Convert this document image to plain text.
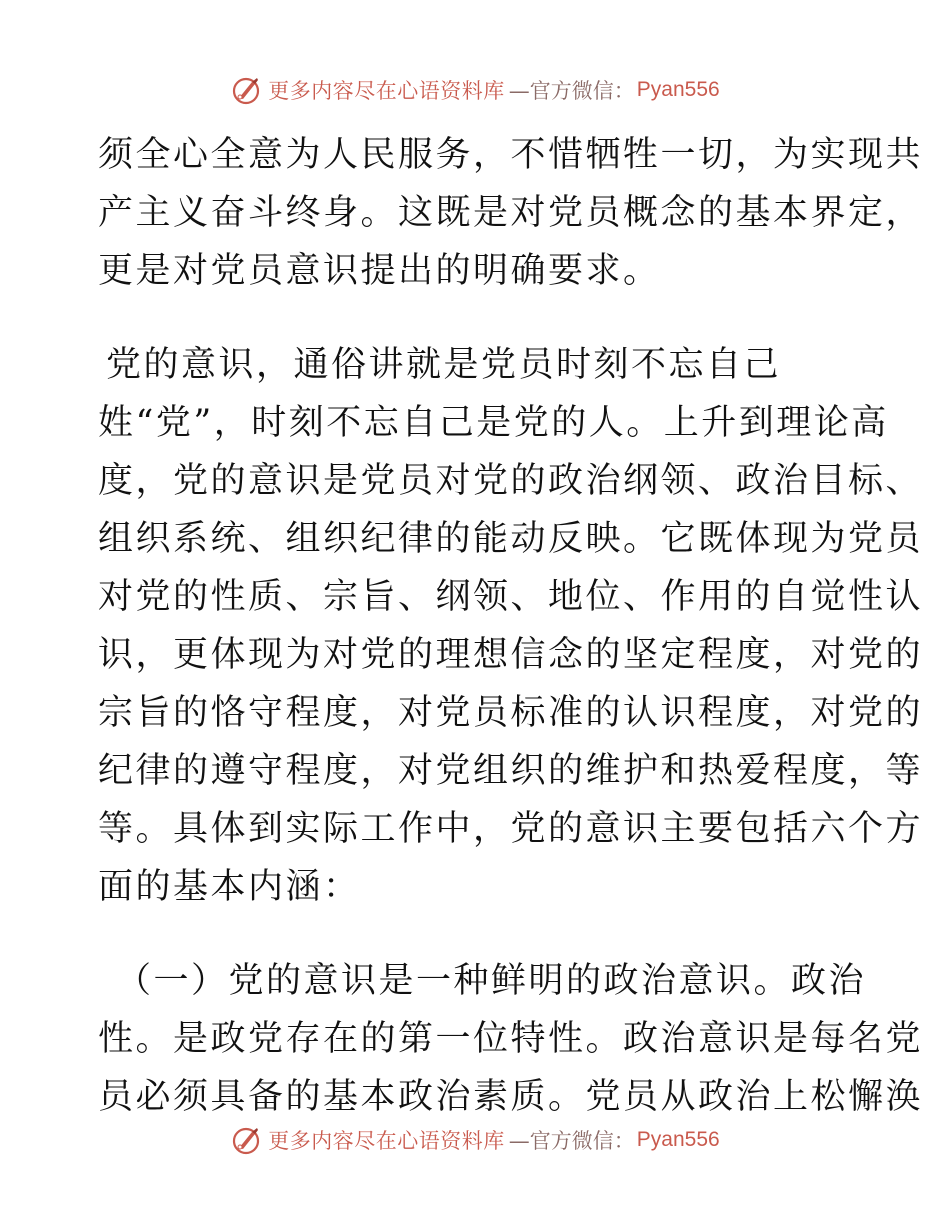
更多内容尽在心语资料库 —官方微信： Pyan556
须全心全意为人民服务，不惜牺牲一切，为实现共
产主义奋斗终身。这既是对党员概念的基本界定，
更是对党员意识提出的明确要求。
党的意识，通俗讲就是党员时刻不忘自己
姓“党”，时刻不忘自己是党的人。上升到理论高
度，党的意识是党员对党的政治纲领、政治目标、
组织系统、组织纪律的能动反映。它既体现为党员
对党的性质、宗旨、纲领、地位、作用的自觉性认
识，更体现为对党的理想信念的坚定程度，对党的
宗旨的恪守程度，对党员标准的认识程度，对党的
纪律的遵守程度，对党组织的维护和热爱程度，等
等。具体到实际工作中，党的意识主要包括六个方
面的基本内涵：
（一）党的意识是一种鲜明的政治意识。政治
性。是政党存在的第一位特性。政治意识是每名党
员必须具备的基本政治素质。党员从政治上松懈涣
更多内容尽在心语资料库 —官方微信： Pyan556
